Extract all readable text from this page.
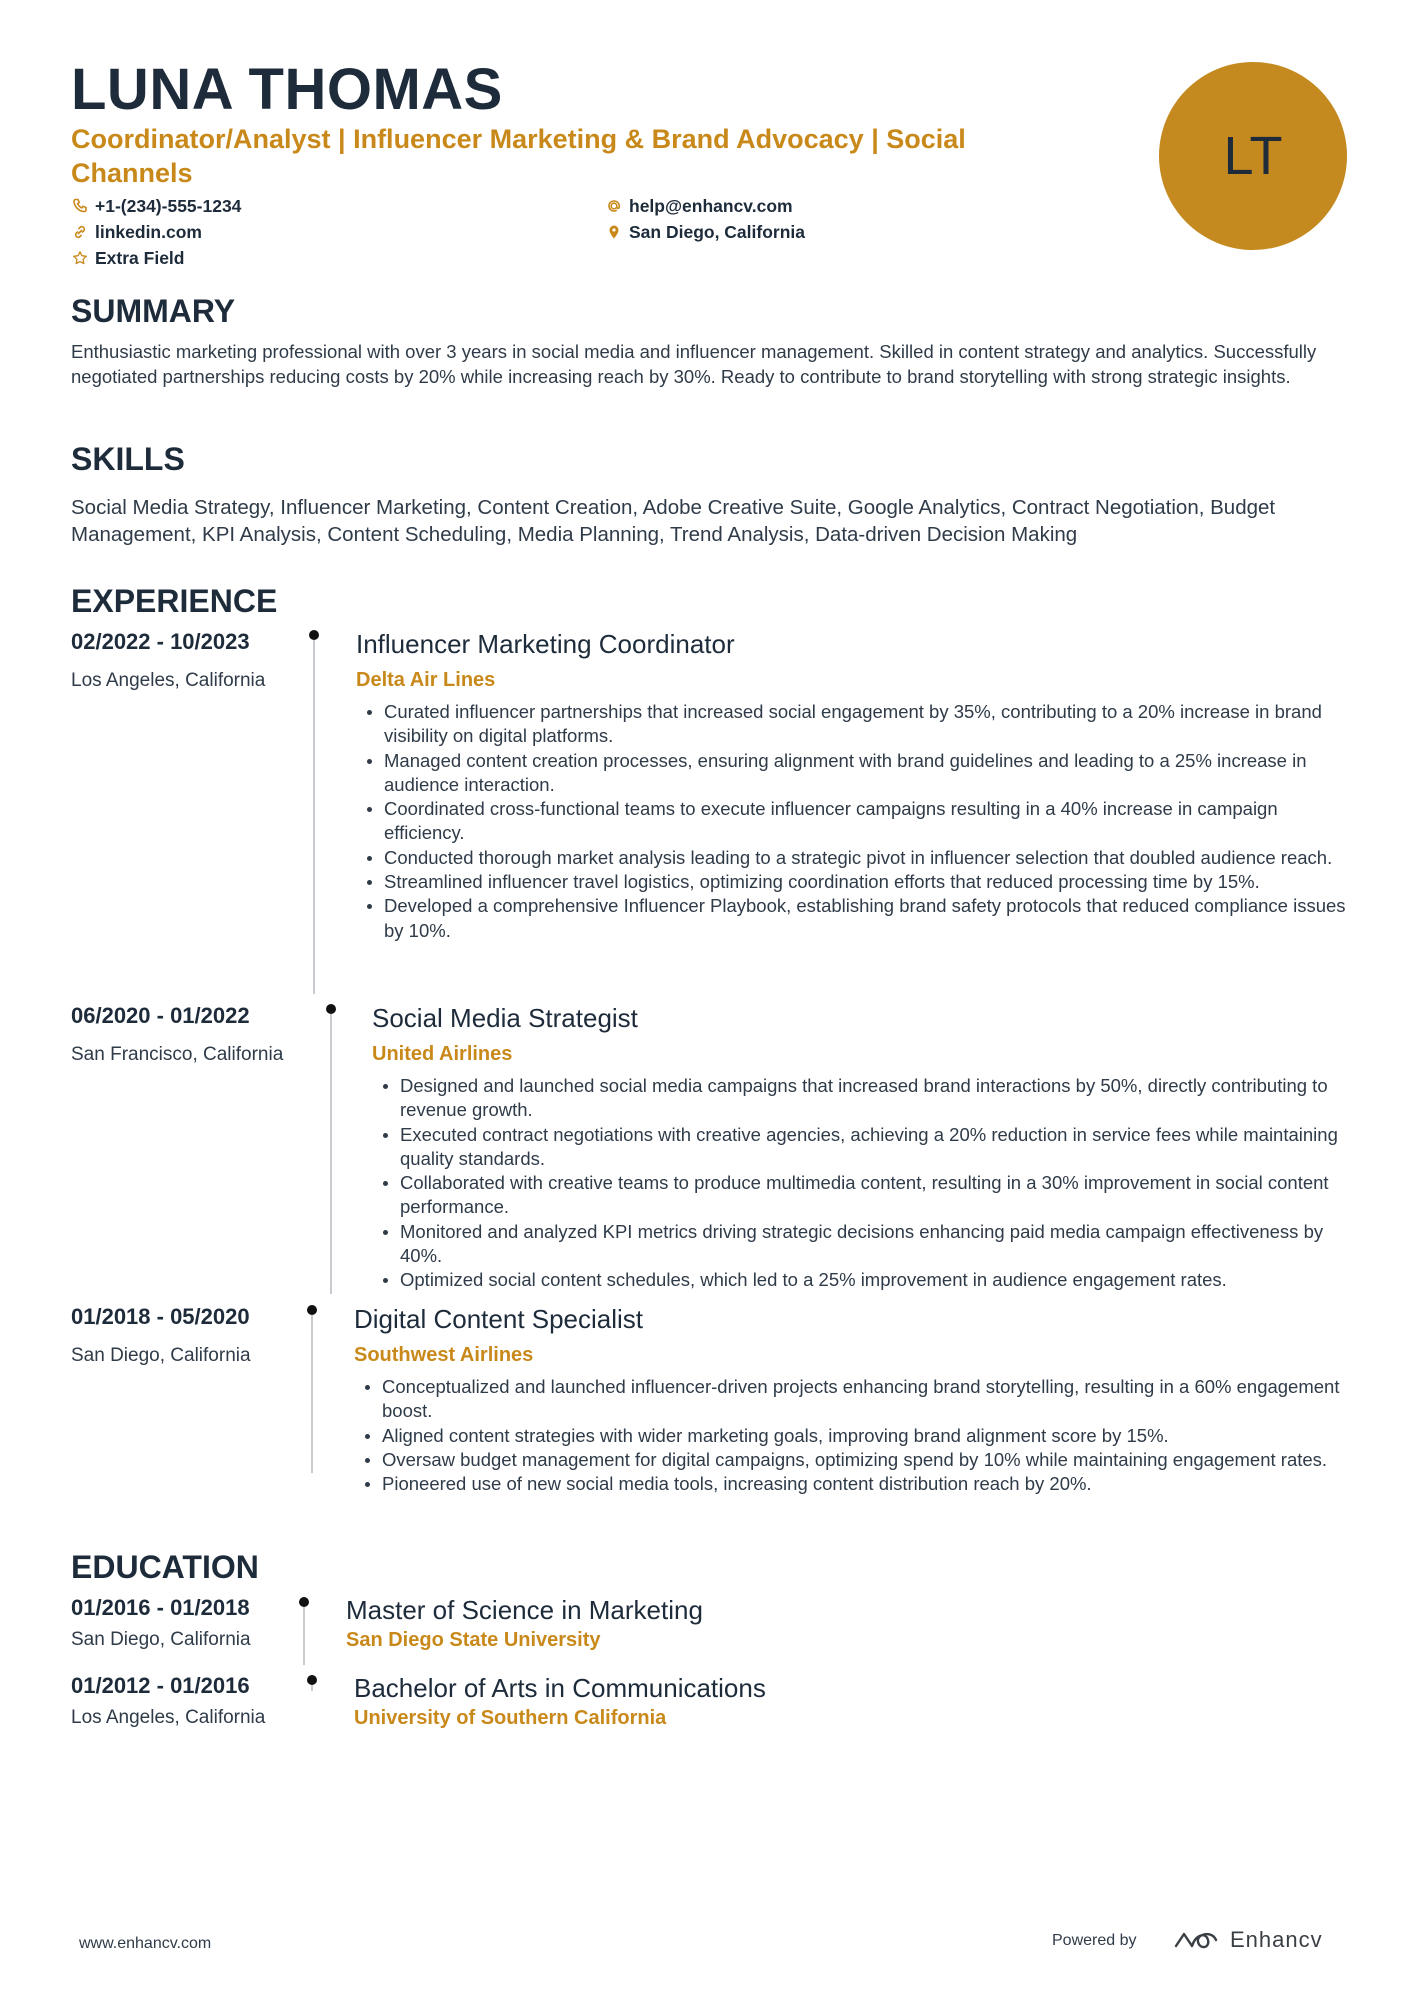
LUNA THOMAS

Coordinator/Analyst | Influencer Marketing & Brand Advocacy | Social Channels	LT
+1-(234)-555-1234	help@enhancv.com
linkedin.com	San Diego, California
Extra Field
SUMMARY

Enthusiastic marketing professional with over 3 years in social media and influencer management. Skilled in content strategy and analytics. Successfully negotiated partnerships reducing costs by 20% while increasing reach by 30%. Ready to contribute to brand storytelling with strong strategic insights.

SKILLS

Social Media Strategy, Influencer Marketing, Content Creation, Adobe Creative Suite, Google Analytics, Contract Negotiation, Budget Management, KPI Analysis, Content Scheduling, Media Planning, Trend Analysis, Data-driven Decision Making

EXPERIENCE
02/2022 - 10/2023
Los Angeles, California
Influencer Marketing Coordinator
Delta Air Lines
Curated influencer partnerships that increased social engagement by 35%, contributing to a 20% increase in brand visibility on digital platforms.
Managed content creation processes, ensuring alignment with brand guidelines and leading to a 25% increase in audience interaction.
Coordinated cross-functional teams to execute influencer campaigns resulting in a 40% increase in campaign efficiency.
Conducted thorough market analysis leading to a strategic pivot in influencer selection that doubled audience reach.
Streamlined influencer travel logistics, optimizing coordination efforts that reduced processing time by 15%.
Developed a comprehensive Influencer Playbook, establishing brand safety protocols that reduced compliance issues by 10%.
06/2020 - 01/2022
San Francisco, California
Social Media Strategist
United Airlines
Designed and launched social media campaigns that increased brand interactions by 50%, directly contributing to revenue growth.
Executed contract negotiations with creative agencies, achieving a 20% reduction in service fees while maintaining quality standards.
Collaborated with creative teams to produce multimedia content, resulting in a 30% improvement in social content performance.
Monitored and analyzed KPI metrics driving strategic decisions enhancing paid media campaign effectiveness by 40%.
Optimized social content schedules, which led to a 25% improvement in audience engagement rates.
01/2018 - 05/2020
San Diego, California
Digital Content Specialist
Southwest Airlines
Conceptualized and launched influencer-driven projects enhancing brand storytelling, resulting in a 60% engagement boost.
Aligned content strategies with wider marketing goals, improving brand alignment score by 15%.
Oversaw budget management for digital campaigns, optimizing spend by 10% while maintaining engagement rates.
Pioneered use of new social media tools, increasing content distribution reach by 20%.
EDUCATION
01/2016 - 01/2018
San Diego, California
Master of Science in Marketing
San Diego State University
01/2012 - 01/2016
Los Angeles, California
Bachelor of Arts in Communications
University of Southern California
www.enhancv.com	Powered by	Enhancv
